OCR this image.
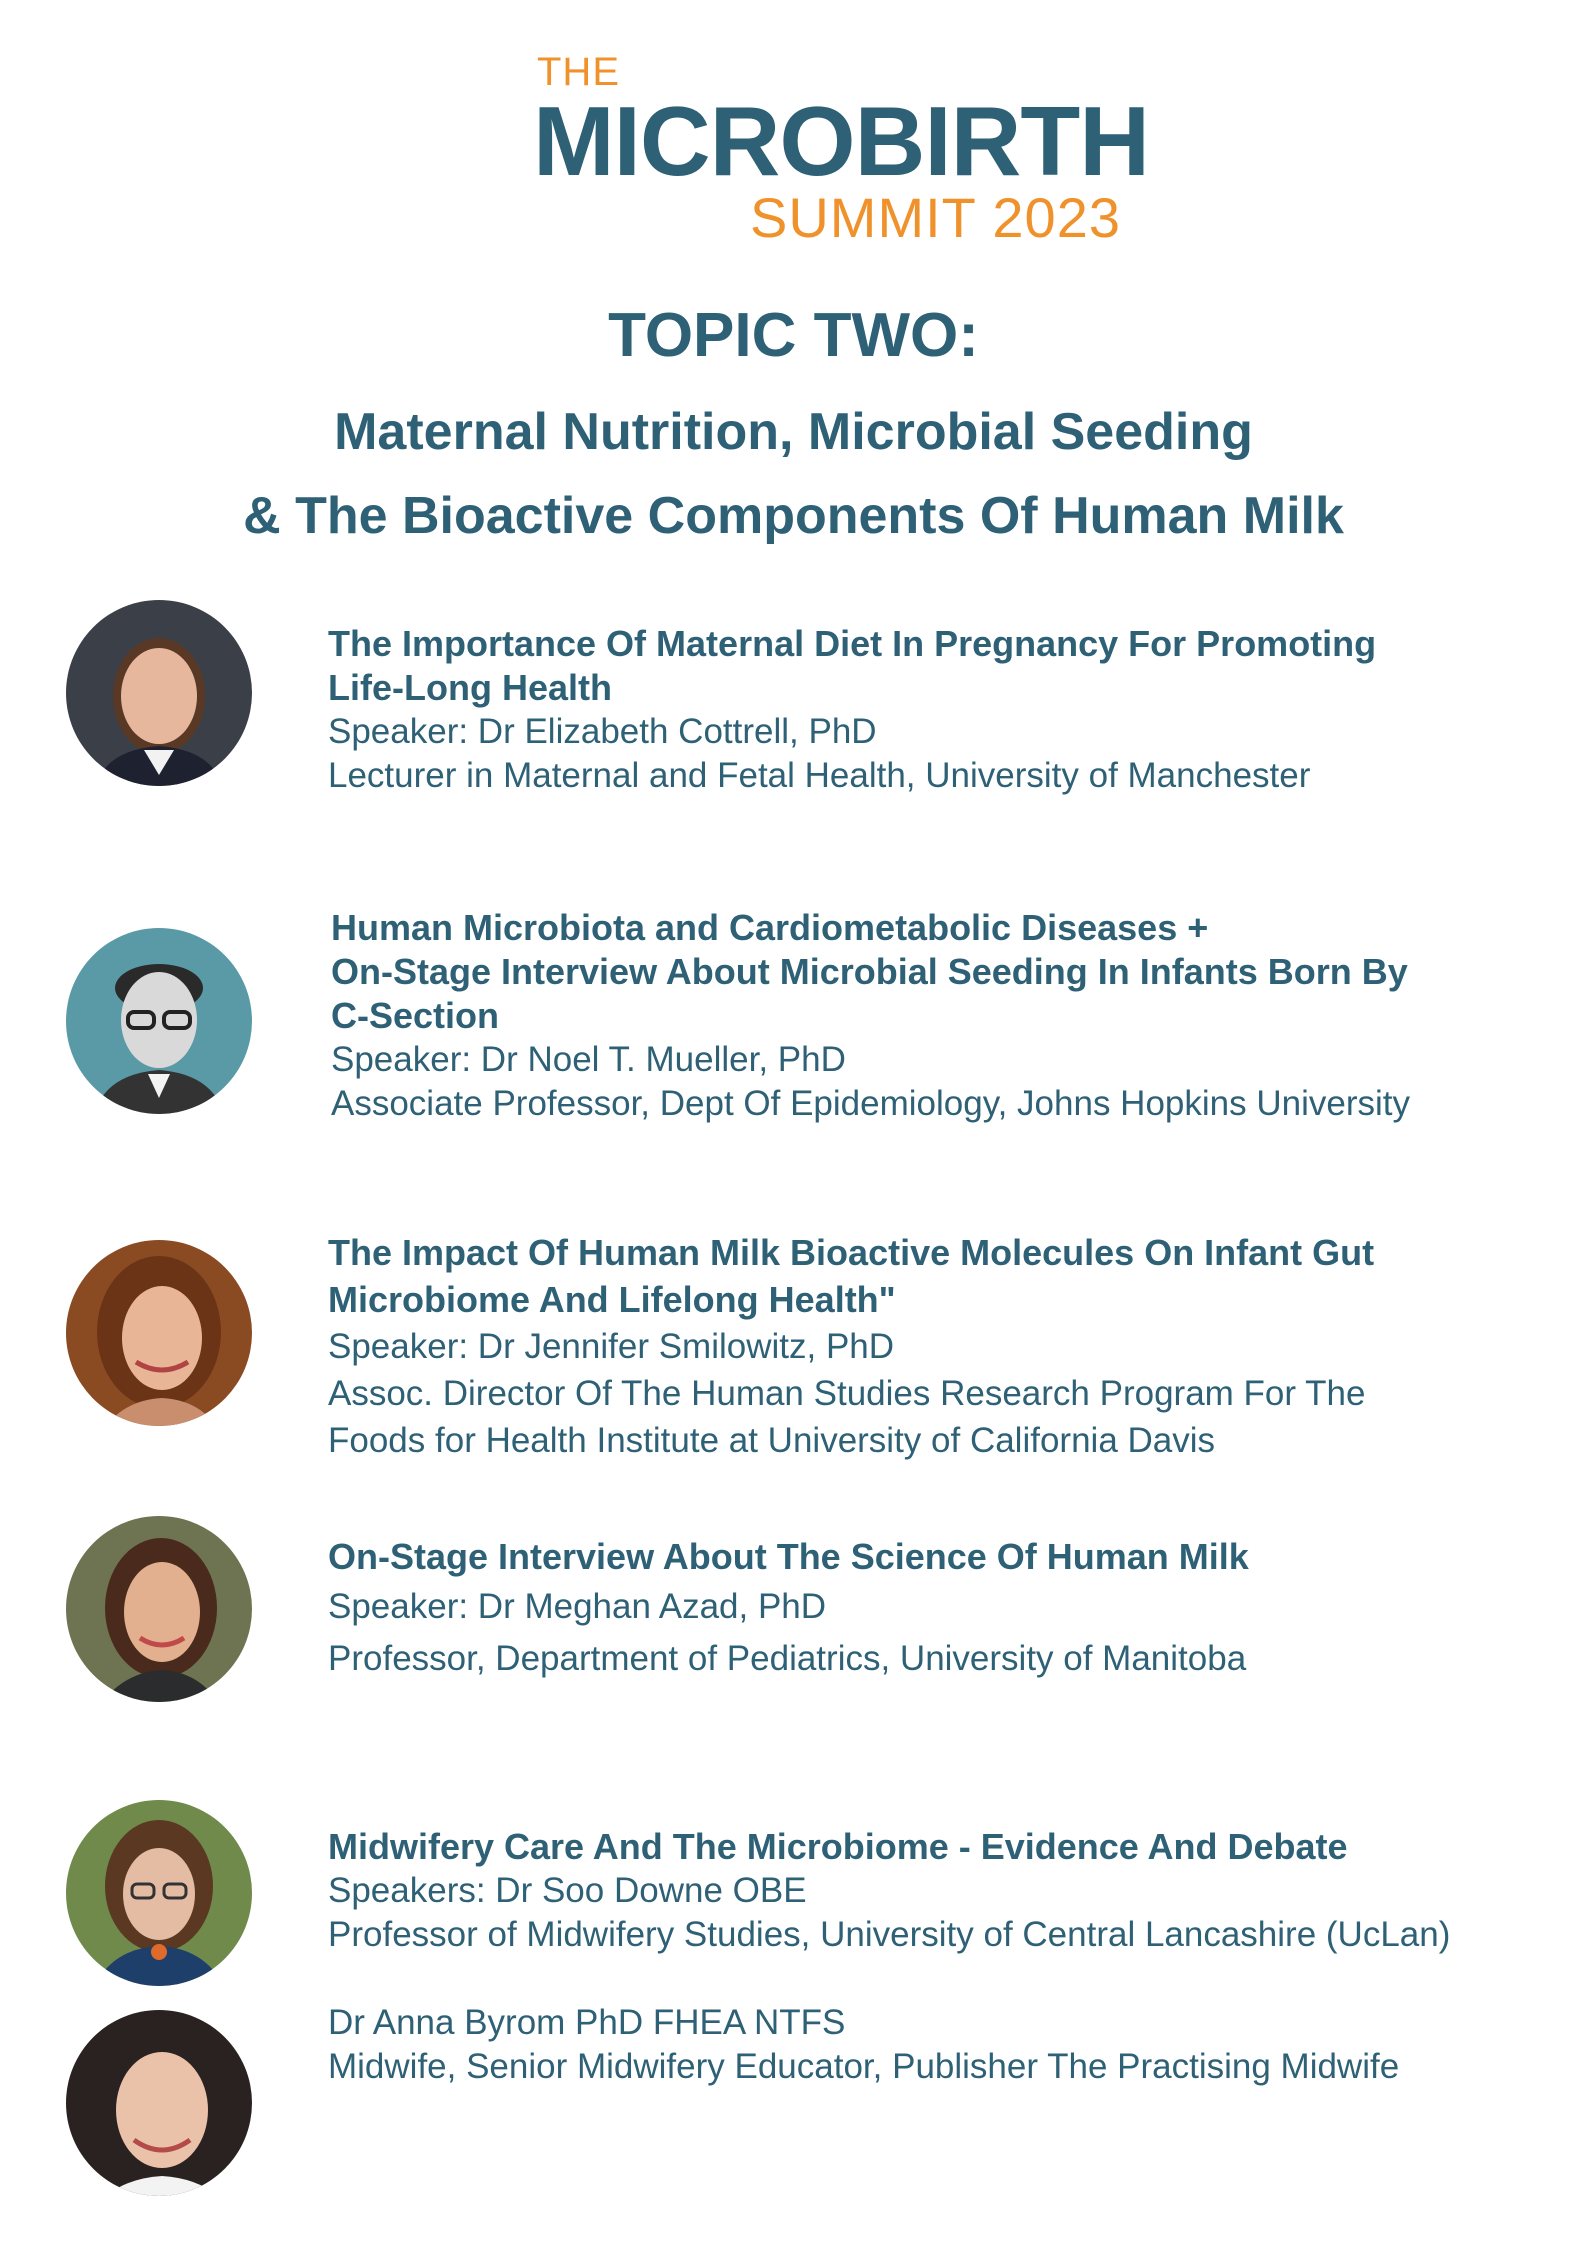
THE
MICROBIRTH
SUMMIT 2023
TOPIC TWO:
Maternal Nutrition, Microbial Seeding
& The Bioactive Components Of Human Milk
The Importance Of Maternal Diet In Pregnancy For Promoting
Life-Long Health
Speaker: Dr Elizabeth Cottrell, PhD
Lecturer in Maternal and Fetal Health, University of Manchester
Human Microbiota and Cardiometabolic Diseases +
On-Stage Interview About Microbial Seeding In Infants Born By
C-Section
Speaker: Dr Noel T. Mueller, PhD
Associate Professor, Dept Of Epidemiology, Johns Hopkins University
The Impact Of Human Milk Bioactive Molecules On Infant Gut
Microbiome And Lifelong Health"
Speaker: Dr Jennifer Smilowitz, PhD
Assoc. Director Of The Human Studies Research Program For The
Foods for Health Institute at University of California Davis
On-Stage Interview About The Science Of Human Milk
Speaker: Dr Meghan Azad, PhD
Professor, Department of Pediatrics, University of Manitoba
Midwifery Care And The Microbiome - Evidence And Debate
Speakers: Dr Soo Downe OBE
Professor of Midwifery Studies, University of Central Lancashire (UcLan)
Dr Anna Byrom PhD FHEA NTFS
Midwife, Senior Midwifery Educator, Publisher The Practising Midwife
